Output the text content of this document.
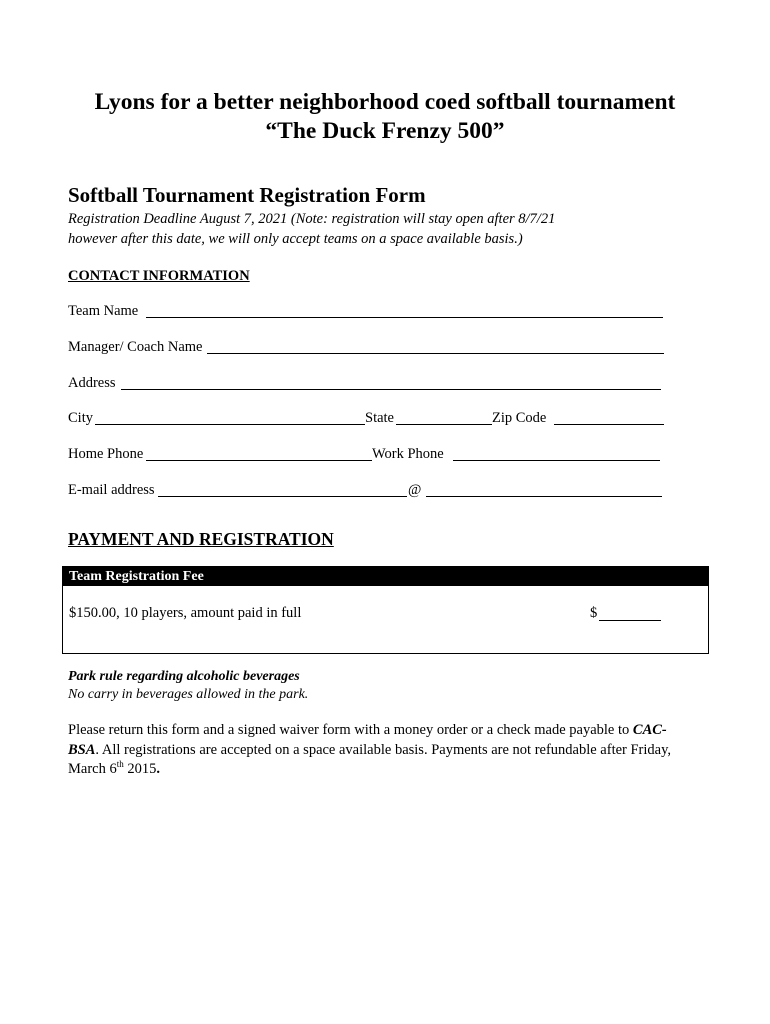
Lyons for a better neighborhood coed softball tournament
“The Duck Frenzy 500”
Softball Tournament Registration Form
Registration Deadline August 7, 2021 (Note: registration will stay open after 8/7/21
however after this date, we will only accept teams on a space available basis.)
CONTACT INFORMATION
Team Name
Manager/ Coach Name
Address
City	State	Zip Code
Home Phone	Work Phone
E-mail address	@
PAYMENT AND REGISTRATION
Team Registration Fee
$150.00, 10 players, amount paid in full	$
Park rule regarding alcoholic beverages
No carry in beverages allowed in the park.
Please return this form and a signed waiver form with a money order or a check made payable to CAC-
BSA. All registrations are accepted on a space available basis. Payments are not refundable after Friday, March 6th 2015.
